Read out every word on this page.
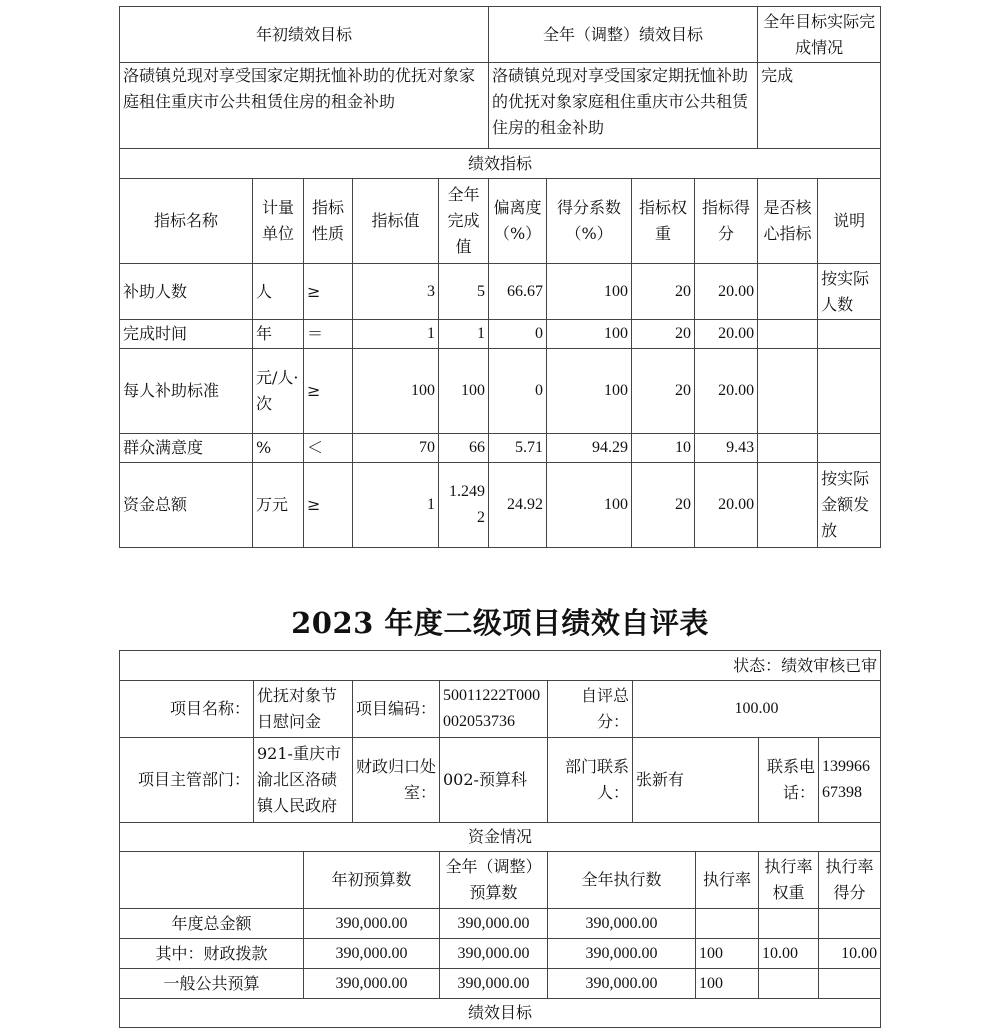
年初绩效目标					全年（调整）绩效目标				全年目标实际完成情况	
洛碛镇兑现对享受国家定期抚恤补助的优抚对象家庭租住重庆市公共租赁住房的租金补助					洛碛镇兑现对享受国家定期抚恤补助的优抚对象家庭租住重庆市公共租赁住房的租金补助				完成	
绩效指标										
指标名称	计量单位	指标性质	指标值	全年完成值	偏离度（%）	得分系数（%）	指标权重	指标得分	是否核心指标	说明
补助人数	人	≥	3	5	66.67	100	20	20.00		按实际人数
完成时间	年	＝	1	1	0	100	20	20.00		
每人补助标准	元/人·次	≥	100	100	0	100	20	20.00		
群众满意度	%	＜	70	66	5.71	94.29	10	9.43		
资金总额	万元	≥	1	1.2492	24.92	100	20	20.00		按实际金额发放
2023 年度二级项目绩效自评表
状态：绩效审核已审									
项目名称：	优抚对象节日慰问金		项目编码：	50011222T000002053736	自评总分：	100.00			
项目主管部门：	921-重庆市渝北区洛碛镇人民政府		财政归口处室：	002-预算科	部门联系人：	张新有		联系电话：	13996667398
资金情况									
		年初预算数		全年（调整）预算数	全年执行数		执行率	执行率权重	执行率得分
年度总金额		390,000.00		390,000.00	390,000.00				
其中：财政拨款		390,000.00		390,000.00	390,000.00		100	10.00	10.00
一般公共预算		390,000.00		390,000.00	390,000.00		100		
绩效目标									
